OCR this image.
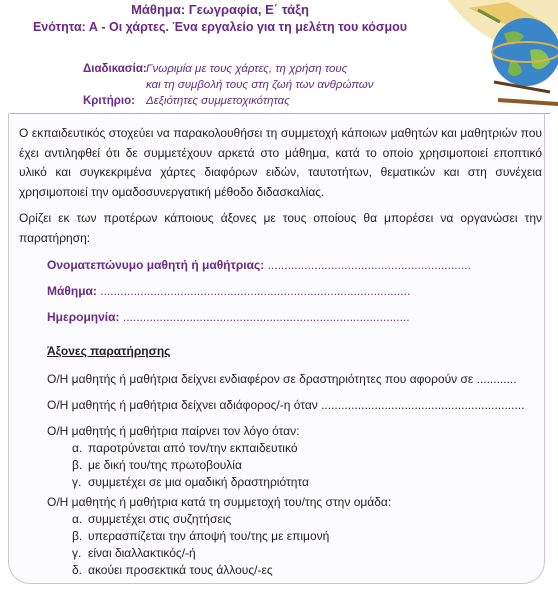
Μάθημα: Γεωγραφία, Ε΄ τάξη
Ενότητα: Α - Οι χάρτες. Ένα εργαλείο για τη μελέτη του κόσμου
Διαδικασία: Γνωριμία με τους χάρτες, τη χρήση τους
και τη συμβολή τους στη ζωή των ανθρώπων
Κριτήριο: Δεξιότητες συμμετοχικότητας

Ο εκπαιδευτικός στοχεύει να παρακολουθήσει τη συμμετοχή κάποιων μαθητών και μαθητριών που έχει αντιληφθεί ότι δε συμμετέχουν αρκετά στο μάθημα, κατά το οποίο χρησιμοποιεί εποπτικό υλικό και συγκεκριμένα χάρτες διαφόρων ειδών, ταυτοτήτων, θεματικών και στη συνέχεια χρησιμοποιεί την ομαδοσυνεργατική μέθοδο διδασκαλίας.

Ορίζει εκ των προτέρων κάποιους άξονες με τους οποίους θα μπορέσει να οργανώσει την παρατήρηση:

Ονοματεπώνυμο μαθητή ή μαθήτριας: .............................................................
Μάθημα: .............................................................................................
Ημερομηνία: ......................................................................................
Άξονες παρατήρησης
Ο/Η μαθητής ή μαθήτρια δείχνει ενδιαφέρον σε δραστηριότητες που αφορούν σε ............
Ο/Η μαθητής ή μαθήτρια δείχνει αδιάφορος/-η όταν .............................................................
Ο/Η μαθητής ή μαθήτρια παίρνει τον λόγο όταν:
α. παροτρύνεται από τον/την εκπαιδευτικό
β. με δική του/της πρωτοβουλία
γ. συμμετέχει σε μια ομαδική δραστηριότητα
Ο/Η μαθητής ή μαθήτρια κατά τη συμμετοχή του/της στην ομάδα:
α. συμμετέχει στις συζητήσεις
β. υπερασπίζεται την άποψή του/της με επιμονή
γ. είναι διαλλακτικός/-ή
δ. ακούει προσεκτικά τους άλλους/-ες
